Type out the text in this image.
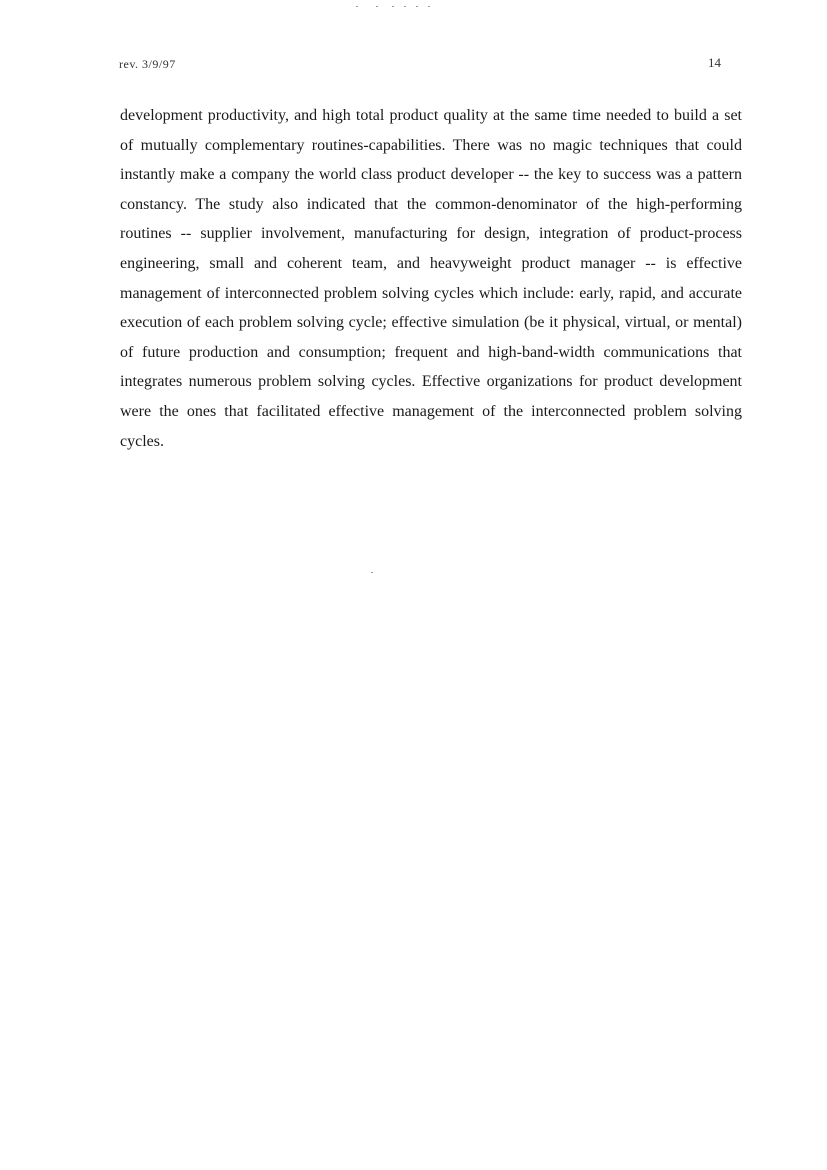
rev. 3/9/97	14

development productivity, and high total product quality at the same time needed to build a set of mutually complementary routines-capabilities. There was no magic techniques that could instantly make a company the world class product developer -- the key to success was a pattern constancy. The study also indicated that the common-denominator of the high-performing routines -- supplier involvement, manufacturing for design, integration of product-process engineering, small and coherent team, and heavyweight product manager -- is effective management of interconnected problem solving cycles which include: early, rapid, and accurate execution of each problem solving cycle; effective simulation (be it physical, virtual, or mental) of future production and consumption; frequent and high-band-width communications that integrates numerous problem solving cycles. Effective organizations for product development were the ones that facilitated effective management of the interconnected problem solving cycles.
